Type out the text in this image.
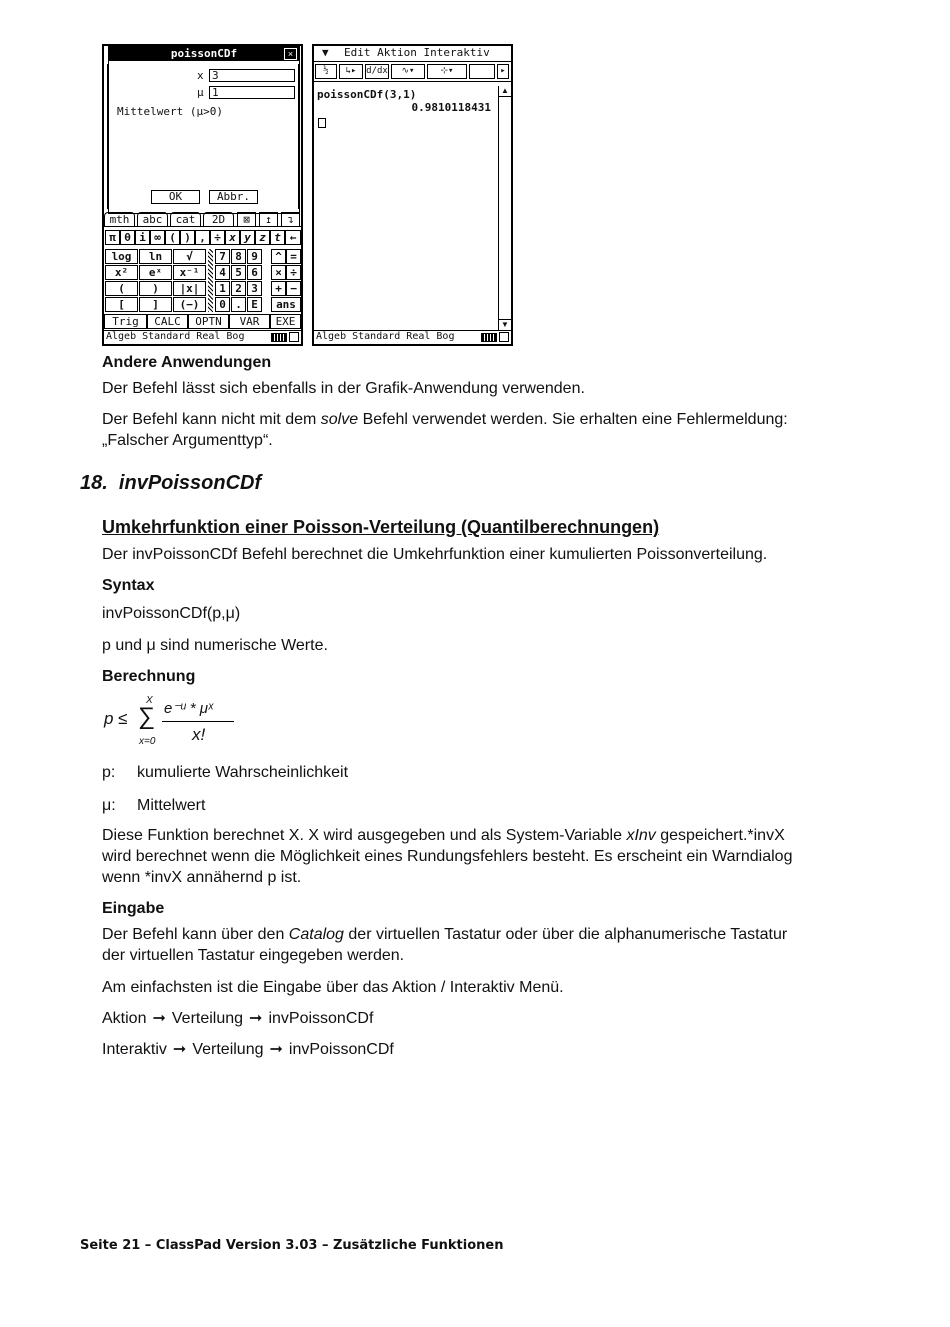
poissonCDf	×
x 3
μ 1
Mittelwert (μ>0)
OK	Abbr.
mth	abc	cat	2D	⊠	↥	↴
π θ i ∞ ( ) , ÷ x y z t ←
log	ln	√	7 8 9	^ =
x²	eˣ	x⁻¹	4 5 6	× ÷
(	)	|x|	1 2 3	+ −
[	]	(−)	0 . E	ans
Trig	CALC	OPTN	VAR	EXE
Algeb Standard Real Bog
▼ Edit Aktion Interaktiv
½	↳▸	d/dx	∿▾	⊹▾	▸
poissonCDf(3,1)
0.9810118431
▲
▼
Algeb Standard Real Bog
Andere Anwendungen
Der Befehl lässt sich ebenfalls in der Grafik-Anwendung verwenden.
Der Befehl kann nicht mit dem solve Befehl verwendet werden. Sie erhalten eine Fehlermeldung:
„Falscher Argumenttyp“.
18.  invPoissonCDf
Umkehrfunktion einer Poisson-Verteilung (Quantilberechnungen)
Der invPoissonCDf Befehl berechnet die Umkehrfunktion einer kumulierten Poissonverteilung.
Syntax
invPoissonCDf(p,μ)
p und μ sind numerische Werte.
Berechnung
p ≤
X
∑
x=0
e⁻ᵘ * μˣ
x!
p: kumulierte Wahrscheinlichkeit
μ: Mittelwert
Diese Funktion berechnet X. X wird ausgegeben und als System-Variable xInv gespeichert.*invX
wird berechnet wenn die Möglichkeit eines Rundungsfehlers besteht. Es erscheint ein Warndialog
wenn *invX annähernd p ist.
Eingabe
Der Befehl kann über den Catalog der virtuellen Tastatur oder über die alphanumerische Tastatur
der virtuellen Tastatur eingegeben werden.
Am einfachsten ist die Eingabe über das Aktion / Interaktiv Menü.
Aktion ➞ Verteilung ➞ invPoissonCDf
Interaktiv ➞ Verteilung ➞ invPoissonCDf
Seite 21 – ClassPad Version 3.03 – Zusätzliche Funktionen
